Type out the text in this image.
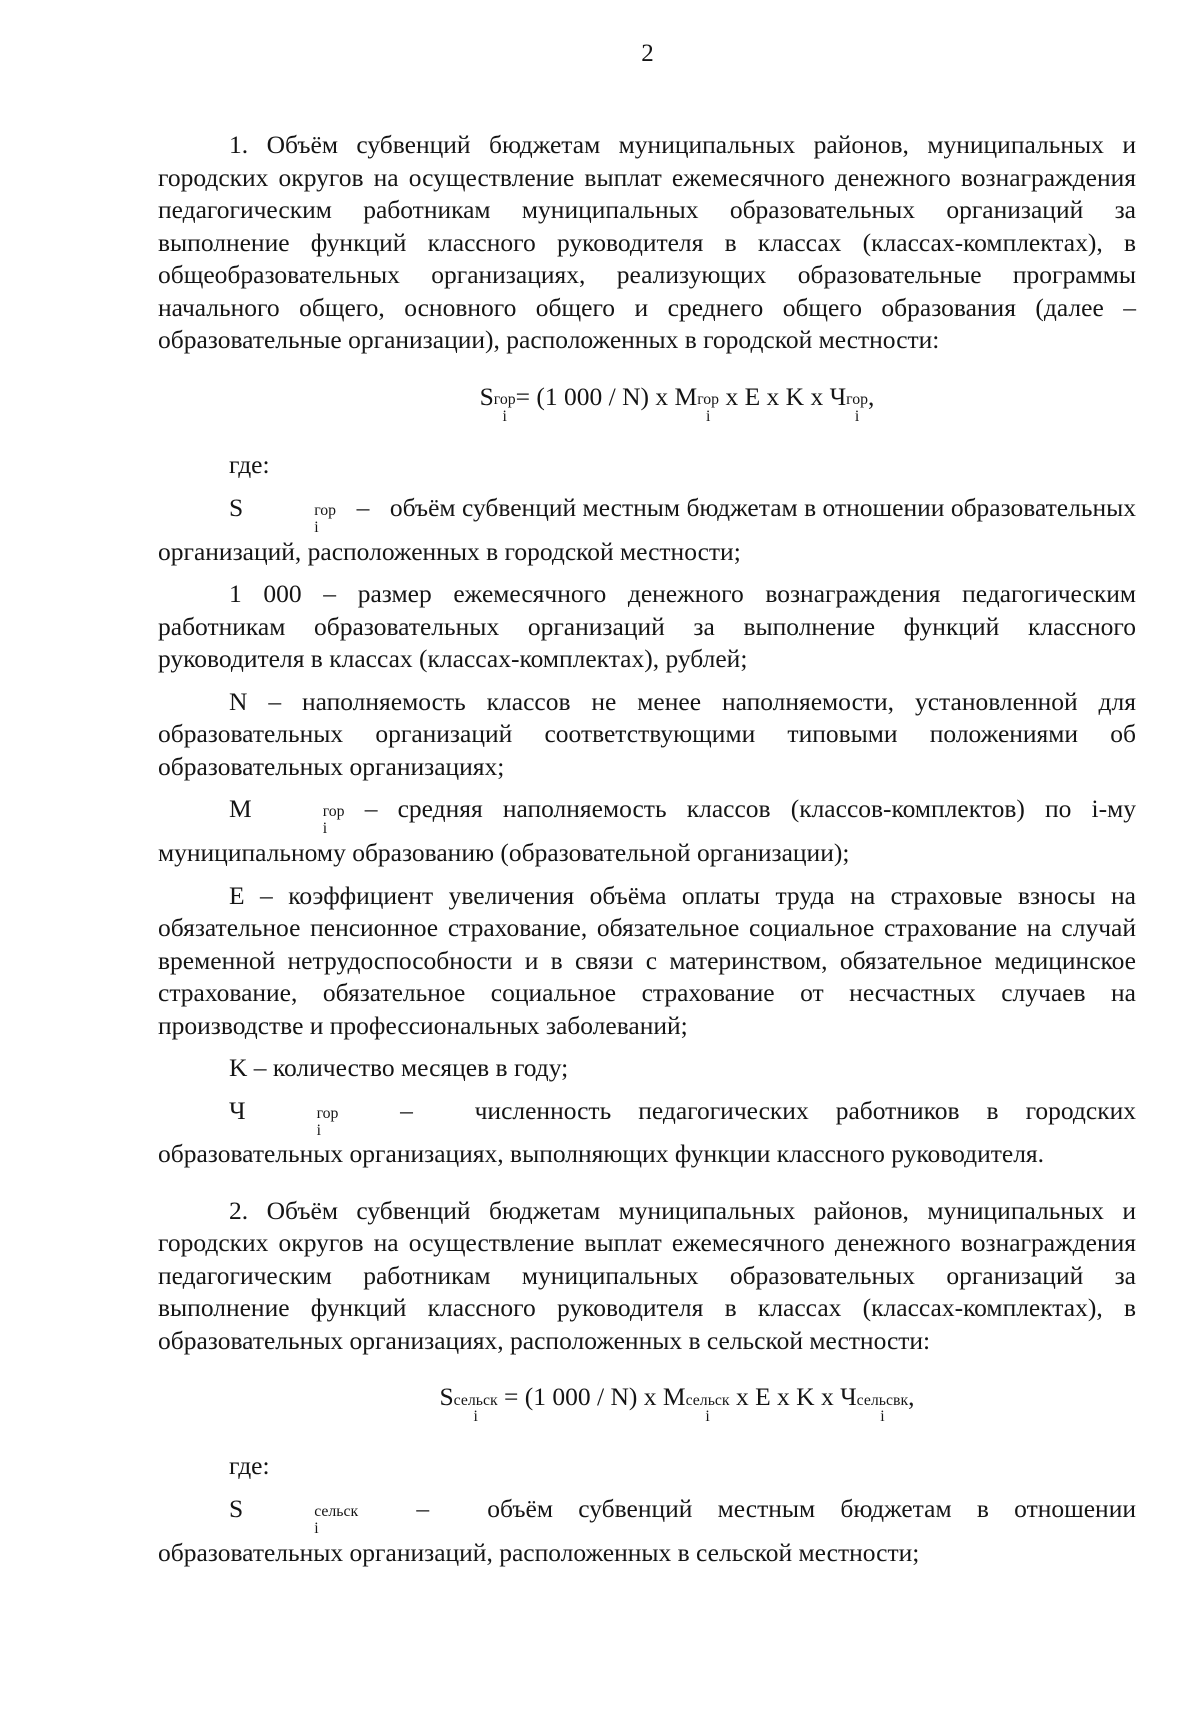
2

1. Объём субвенций бюджетам муниципальных районов, муниципальных и городских округов на осуществление выплат ежемесячного денежного вознаграждения педагогическим работникам муниципальных образовательных организаций за выполнение функций классного руководителя в классах (классах-комплектах), в общеобразовательных организациях, реализующих образовательные программы начального общего, основного общего и среднего общего образования (далее – образовательные организации), расположенных в городской местности:

S гор
i
= (1 000 / N) x M гор
i
x E x K x Ч гор
i
,

где:

S	гор
i
–  объём субвенций местным бюджетам в отношении образовательных организаций, расположенных в городской местности;

1 000 – размер ежемесячного денежного вознаграждения педагогическим работникам образовательных организаций за выполнение функций классного руководителя в классах (классах-комплектах), рублей;

N – наполняемость классов не менее наполняемости, установленной для образовательных организаций соответствующими типовыми положениями об образовательных организациях;

M	гор
i
– средняя наполняемость классов (классов-комплектов) по i-му муниципальному образованию (образовательной организации);

E – коэффициент увеличения объёма оплаты труда на страховые взносы на обязательное пенсионное страхование, обязательное социальное страхование на случай временной нетрудоспособности и в связи с материнством, обязательное медицинское страхование, обязательное социальное страхование от несчастных случаев на производстве и профессиональных заболеваний;

K – количество месяцев в году;

Ч	гор
i
–  численность педагогических работников в городских образовательных организациях, выполняющих функции классного руководителя.

2. Объём субвенций бюджетам муниципальных районов, муниципальных и городских округов на осуществление выплат ежемесячного денежного вознаграждения педагогическим работникам муниципальных образовательных организаций за выполнение функций классного руководителя в классах (классах-комплектах), в образовательных организациях, расположенных в сельской местности:

S сельск
i
= (1 000 / N) x M сельск
i
x E x K x Ч сельсвк
i
,

где:

S	сельск
i
–  объём субвенций местным бюджетам в отношении образовательных организаций, расположенных в сельской местности;
